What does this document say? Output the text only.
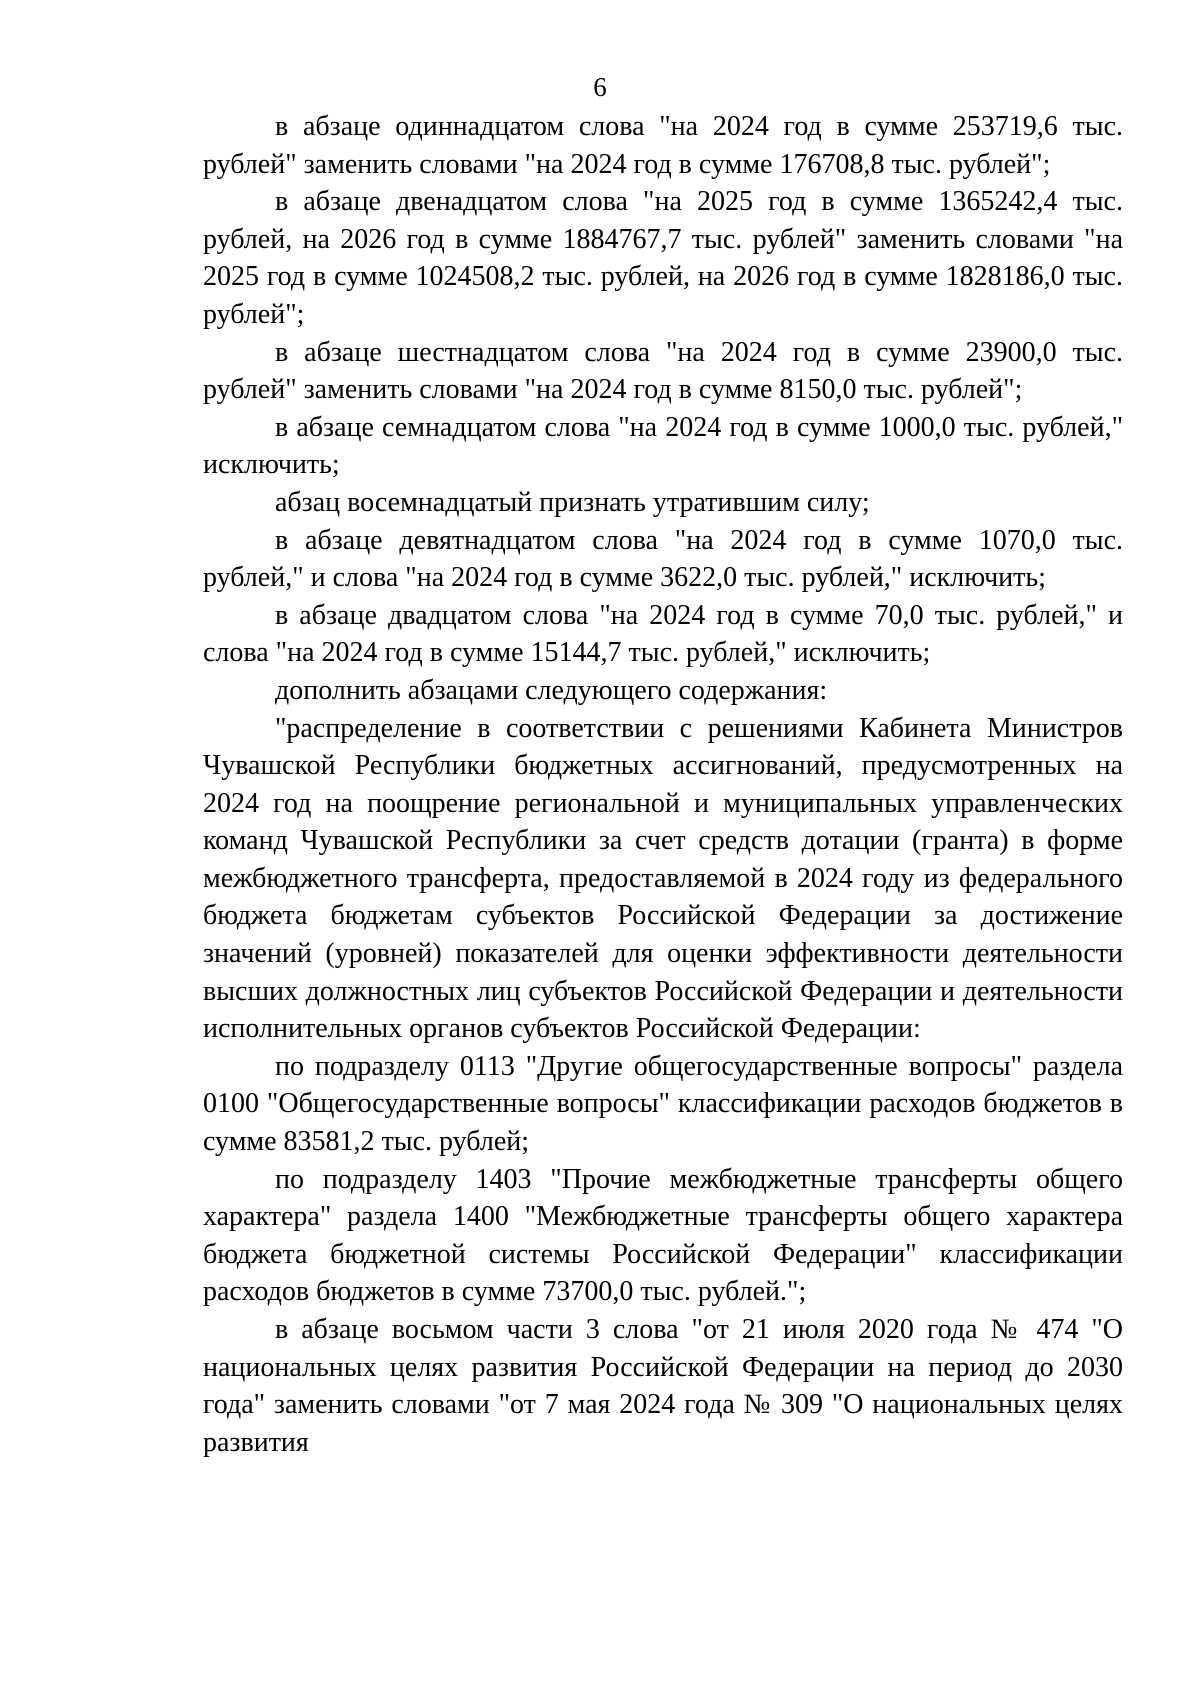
6

в абзаце одиннадцатом слова "на 2024 год в сумме 253719,6 тыс. рублей" заменить словами "на 2024 год в сумме 176708,8 тыс. рублей";

в абзаце двенадцатом слова "на 2025 год в сумме 1365242,4 тыс. рублей, на 2026 год в сумме 1884767,7 тыс. рублей" заменить словами "на 2025 год в сумме 1024508,2 тыс. рублей, на 2026 год в сумме 1828186,0 тыс. рублей";

в абзаце шестнадцатом слова "на 2024 год в сумме 23900,0 тыс. рублей" заменить словами "на 2024 год в сумме 8150,0 тыс. рублей";

в абзаце семнадцатом слова "на 2024 год в сумме 1000,0 тыс. рублей," исключить;

абзац восемнадцатый признать утратившим силу;

в абзаце девятнадцатом слова "на 2024 год в сумме 1070,0 тыс. рублей," и слова "на 2024 год в сумме 3622,0 тыс. рублей," исключить;

в абзаце двадцатом слова "на 2024 год в сумме 70,0 тыс. рублей," и слова "на 2024 год в сумме 15144,7 тыс. рублей," исключить;

дополнить абзацами следующего содержания:

"распределение в соответствии с решениями Кабинета Министров Чувашской Республики бюджетных ассигнований, предусмотренных на 2024 год на поощрение региональной и муниципальных управленческих команд Чувашской Республики за счет средств дотации (гранта) в форме межбюджетного трансферта, предоставляемой в 2024 году из федерального бюджета бюджетам субъектов Российской Федерации за достижение значений (уровней) показателей для оценки эффективности деятельности высших должностных лиц субъектов Российской Федерации и деятельности исполнительных органов субъектов Российской Федерации:

по подразделу 0113 "Другие общегосударственные вопросы" раздела 0100 "Общегосударственные вопросы" классификации расходов бюджетов в сумме 83581,2 тыс. рублей;

по подразделу 1403 "Прочие межбюджетные трансферты общего характера" раздела 1400 "Межбюджетные трансферты общего характера бюджета бюджетной системы Российской Федерации" классификации расходов бюджетов в сумме 73700,0 тыс. рублей.";

в абзаце восьмом части 3 слова "от 21 июля 2020 года № 474 "О национальных целях развития Российской Федерации на период до 2030 года" заменить словами "от 7 мая 2024 года № 309 "О национальных целях развития
